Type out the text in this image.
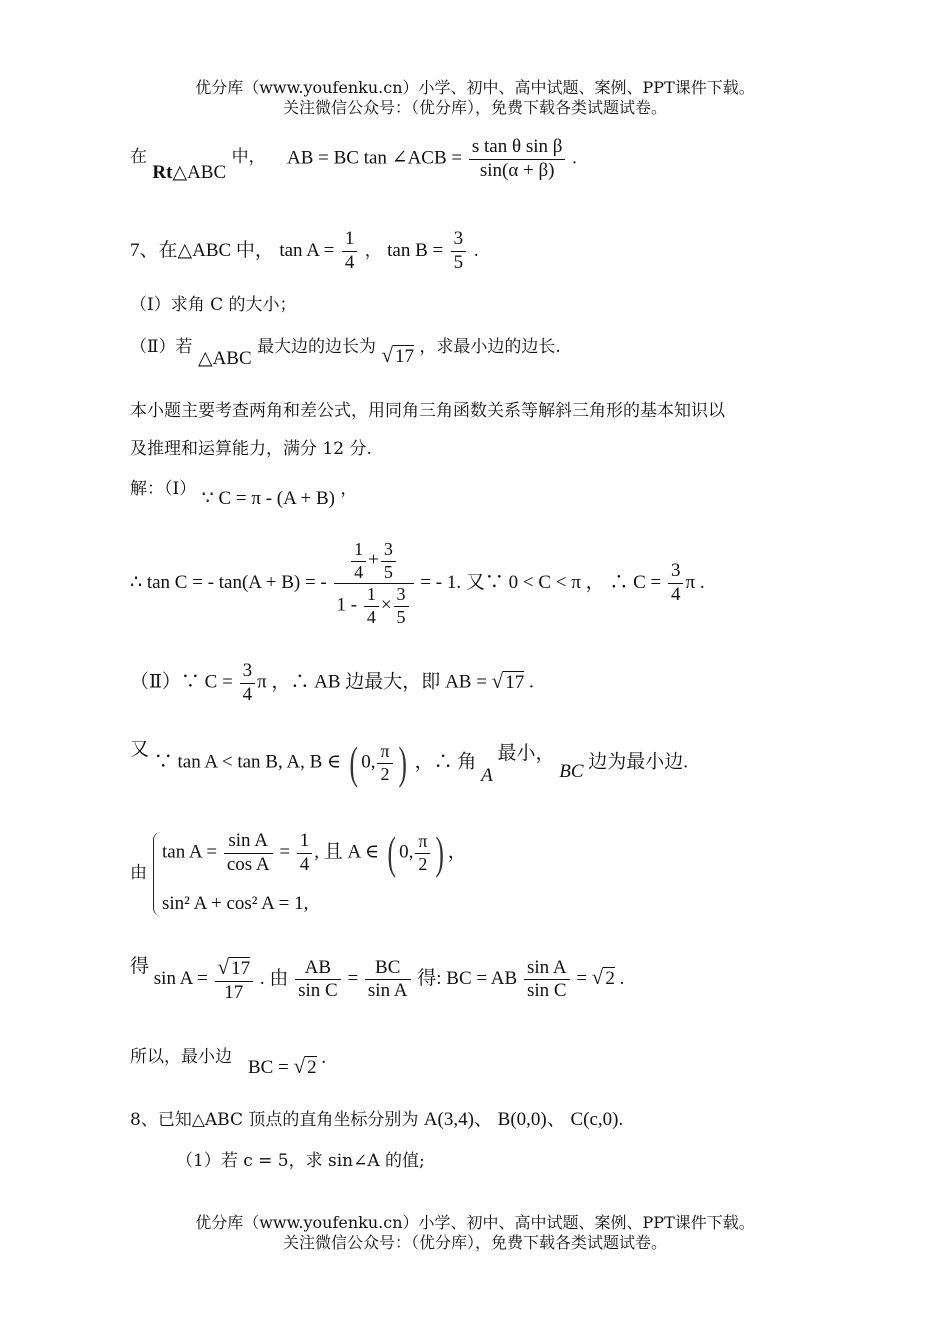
优分库（www.youfenku.cn）小学、初中、高中试题、案例、PPT课件下载。
关注微信公众号：（优分库），免费下载各类试题试卷。
在 Rt△ABC 中， AB = BC tan ∠ACB = $\frac{\text{s tan θ sin β}}{\sin(\alpha + \beta)}$ .
7、在△ABC 中， $\tan A = \frac{1}{4}$ ， $\tan B = \frac{3}{5}$ .
（Ⅰ）求角 C 的大小；
（Ⅱ）若 △ABC 最大边的边长为 √ 17 ，求最小边的边长.
本小题主要考查两角和差公式，用同角三角函数关系等解斜三角形的基本知识以
及推理和运算能力，满分 12 分.
解：（Ⅰ） ∵ C = π - (A + B) ，
∴ tan C = - tan(A + B) = - $\frac{\frac{1}{4} + \frac{3}{5}}{1 - \frac{1}{4} \times \frac{3}{5}}$ = - 1. 又∵ 0 < C < π ， ∴ $C = \frac{3}{4}$ π .
（Ⅱ）∵ $C = \frac{3}{4}$ π ，∴ AB 边最大，即 AB = √ 17 .
又 ∵ tan A < tan B, A, B ∈ ( 0, $\frac{\pi}{2}$ ) ，∴ 角 A 最小， BC 边为最小边.
由
$\tan A = \frac{\text{sin A}}{\text{cos A}} = \frac{1}{4}$ , 且 A ∈ ( 0, $\frac{\pi}{2}$ ) ，
sin² A + cos² A = 1,
得 $\sin A = \frac{√ 17}{17}$ . 由 $\frac{AB}{\text{sin C}} = \frac{BC}{\text{sin A}}$ 得: BC = AB $\frac{\text{sin A}}{\text{sin C}}$ = √ 2 .
所以，最小边 BC = √ 2 .
8、已知△ABC 顶点的直角坐标分别为 A(3,4)、 B(0,0)、 C(c,0).
（1）若 c = 5，求 sin∠A 的值;
优分库（www.youfenku.cn）小学、初中、高中试题、案例、PPT课件下载。
关注微信公众号：（优分库），免费下载各类试题试卷。
